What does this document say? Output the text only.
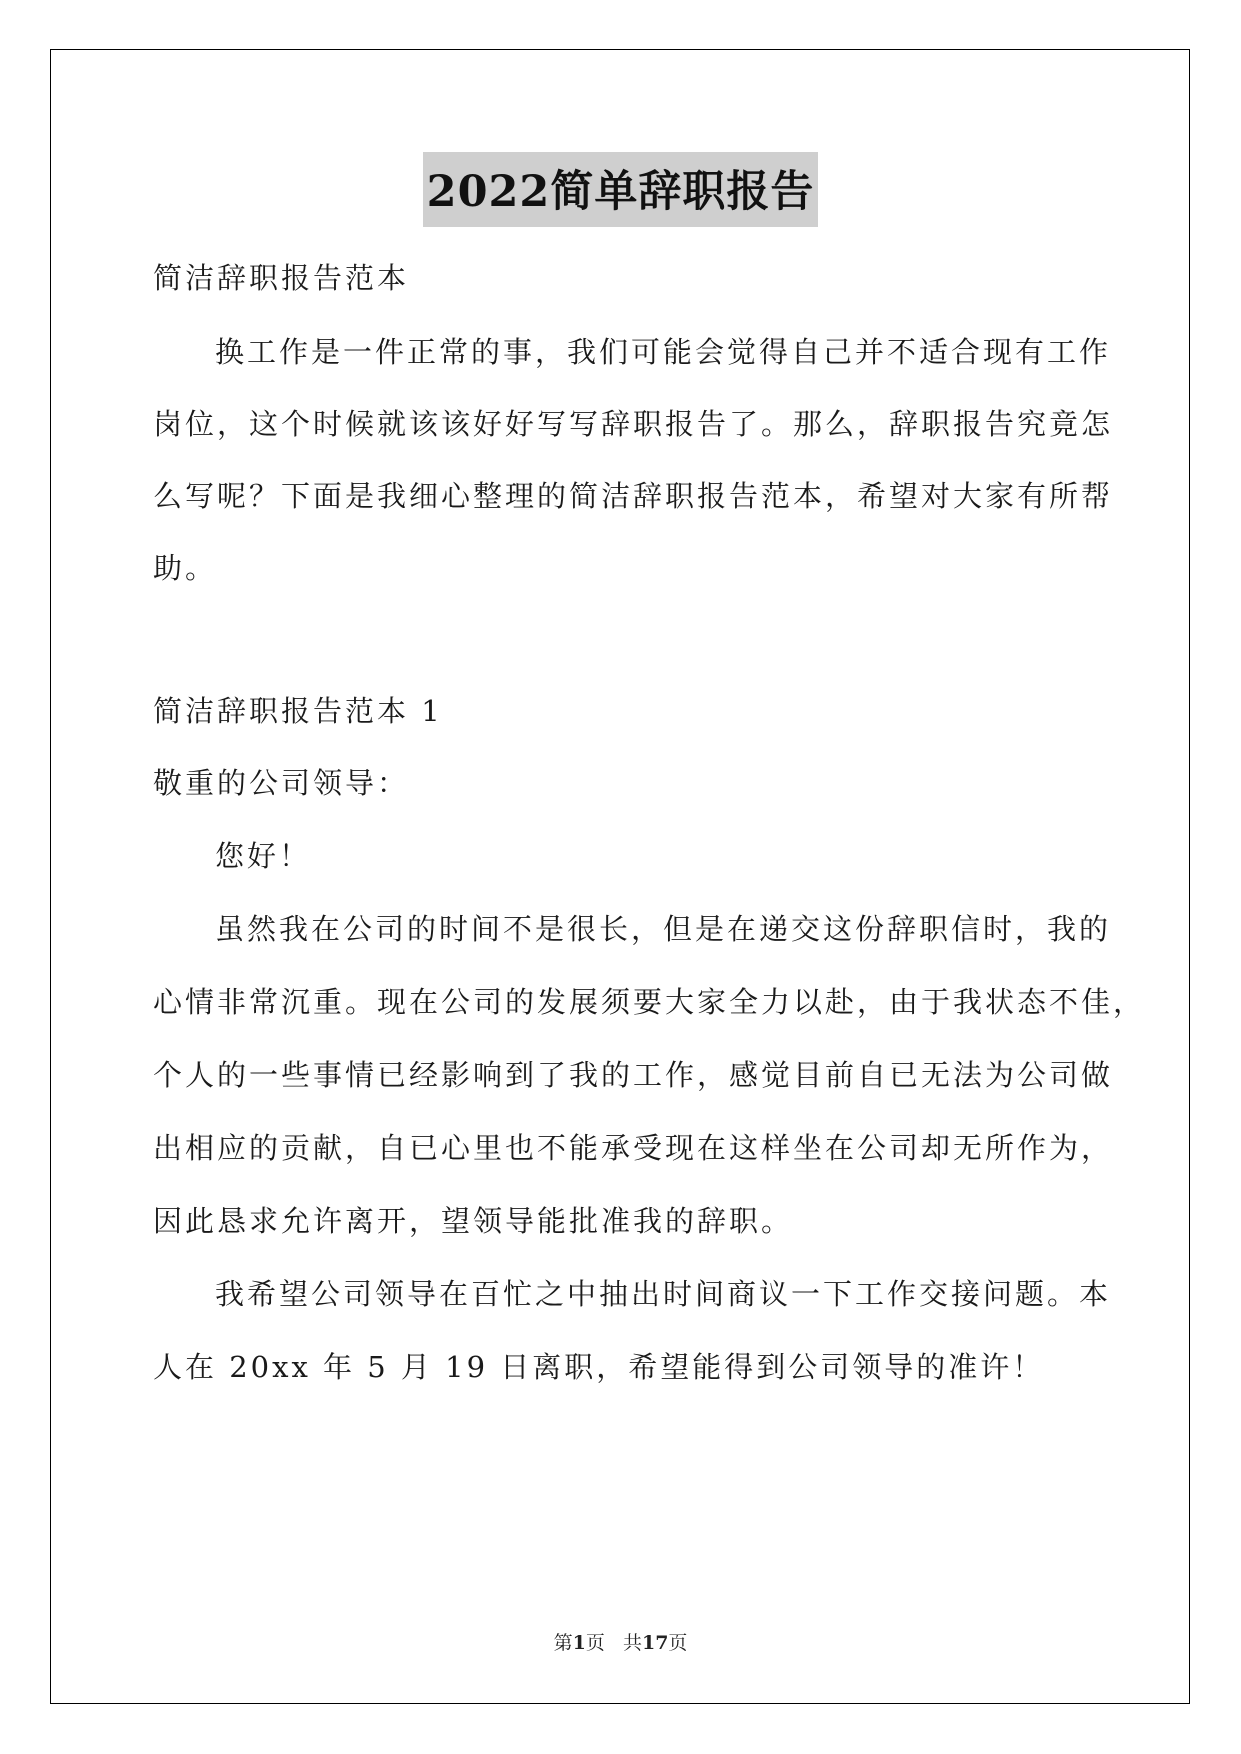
2022简单辞职报告
简洁辞职报告范本
换工作是一件正常的事，我们可能会觉得自己并不适合现有工作
岗位，这个时候就该该好好写写辞职报告了。那么，辞职报告究竟怎
么写呢？下面是我细心整理的简洁辞职报告范本，希望对大家有所帮
助。
简洁辞职报告范本 1
敬重的公司领导：
您好！
虽然我在公司的时间不是很长，但是在递交这份辞职信时，我的
心情非常沉重。现在公司的发展须要大家全力以赴，由于我状态不佳，
个人的一些事情已经影响到了我的工作，感觉目前自已无法为公司做
出相应的贡献，自已心里也不能承受现在这样坐在公司却无所作为，
因此恳求允许离开，望领导能批准我的辞职。
我希望公司领导在百忙之中抽出时间商议一下工作交接问题。本
人在 20xx 年 5 月 19 日离职，希望能得到公司领导的准许！
第1页 共17页
